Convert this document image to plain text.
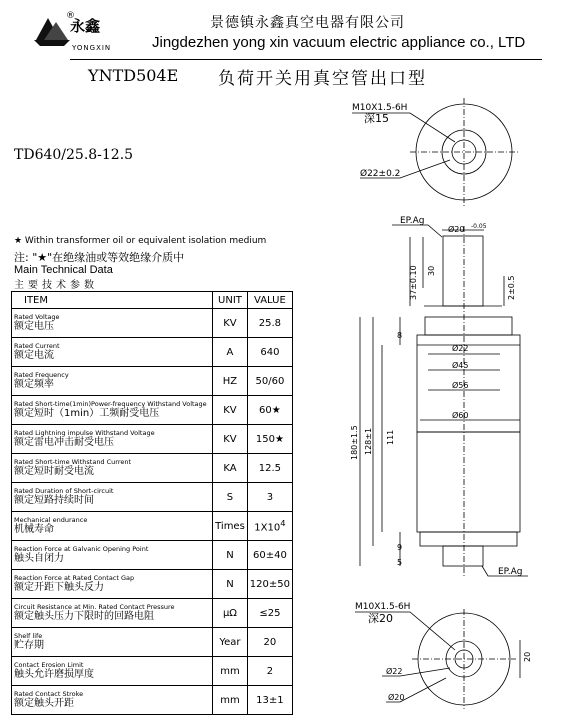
永鑫
YONGXIN
®	景德镇永鑫真空电器有限公司
Jingdezhen yong xin vacuum electric appliance co., LTD
YNTD504E 负荷开关用真空管出口型
TD640/25.8-12.5
★ Within transformer oil or equivalent isolation medium
注: "★"在绝缘油或等效绝缘介质中
Main Technical Data
主要技术参数
ITEM	UNIT	VALUE

Rated Voltage
额定电压	KV	25.8

Rated Current
额定电流	A	640

Rated Frequency
额定频率	HZ	50/60

Rated Short-time(1min)Power-frequency Withstand Voltage
额定短时（1min）工频耐受电压	KV	60★

Rated Lightning impulse Withstand Voltage
额定雷电冲击耐受电压	KV	150★

Rated Short-time Withstand Current
额定短时耐受电流	KA	12.5

Rated Duration of Short-circuit
额定短路持续时间	S	3

Mechanical endurance
机械寿命	Times	$1X10^4$

Reaction Force at Galvanic Opening Point
触头自闭力	N	60±40

Reaction Force at Rated Contact Gap
额定开距下触头反力	N	120±50

Circuit Resistance at Min. Rated Contact Pressure
额定触头压力下限时的回路电阻	μΩ	≤25

Shelf life
贮存期	Year	20

Contact Erosion Limit
触头允许磨损厚度	mm	2

Rated Contact Stroke
额定触头开距	mm	13±1
M10X1.5-6H
深15
Ø22±0.2
EP.Ag
Ø20 -0.05
37±0.10 30
2±0.5
8
Ø22
Ø45
Ø56
Ø60
180±1.5 128±1 111
9
5
EP.Ag
M10X1.5-6H
深20
Ø22
20
Ø20
